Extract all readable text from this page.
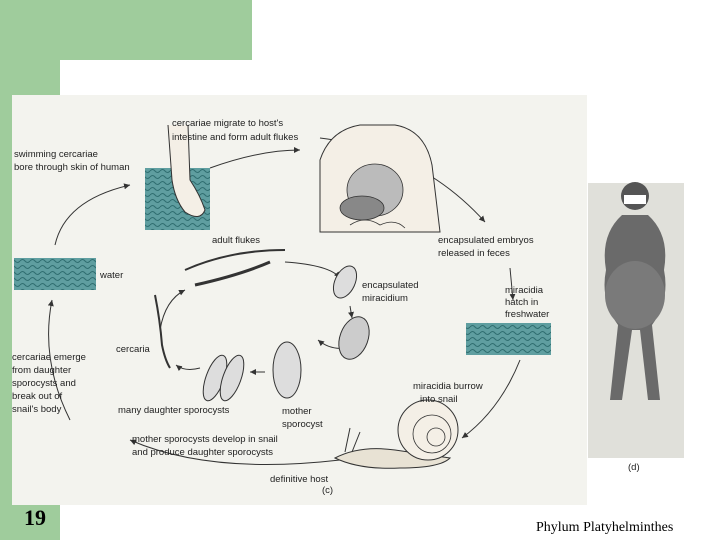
cercariae migrate to host's
intestine and form adult flukes
swimming cercariae
bore through skin of human
water
adult flukes	encapsulated embryos
released in feces
encapsulated
miracidium
miracidia
hatch in
freshwater
cercaria
cercariae emerge
from daughter
sporocysts and
break out of
snail's body	many daughter sporocysts	mother
sporocyst
miracidia burrow
into snail
mother sporocysts develop in snail
and produce daughter sporocysts
definitive host
(c)
(d)
19	Phylum Platyhelminthes
